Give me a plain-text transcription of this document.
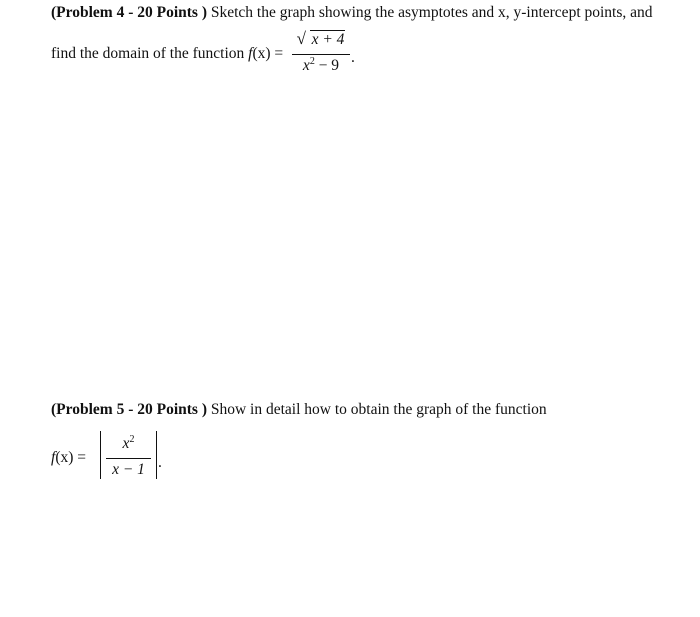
(Problem 4 - 20 Points ) Sketch the graph showing the asymptotes and x, y-intercept points, and
find the domain of the function f(x) =
√ x + 4
$x^2 - 9$ .
(Problem 5 - 20 Points ) Show in detail how to obtain the graph of the function
f(x) =
$x^2$
x − 1 .
